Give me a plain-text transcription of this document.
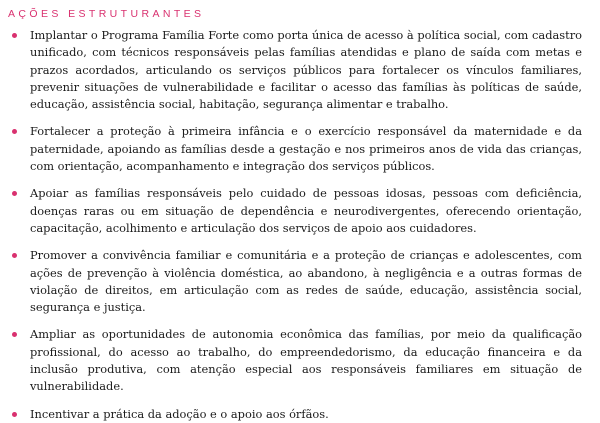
AÇÕES ESTRUTURANTES
Implantar o Programa Família Forte como porta única de acesso à política social, com cadastro unificado, com técnicos responsáveis pelas famílias atendidas e plano de saída com metas e prazos acordados, articulando os serviços públicos para fortalecer os vínculos familiares, prevenir situações de vulnerabilidade e facilitar o acesso das famílias às políticas de saúde, educação, assistência social, habitação, segurança alimentar e trabalho.
Fortalecer a proteção à primeira infância e o exercício responsável da maternidade e da paternidade, apoiando as famílias desde a gestação e nos primeiros anos de vida das crianças, com orientação, acompanhamento e integração dos serviços públicos.
Apoiar as famílias responsáveis pelo cuidado de pessoas idosas, pessoas com deficiência, doenças raras ou em situação de dependência e neurodivergentes, oferecendo orientação, capacitação, acolhimento e articulação dos serviços de apoio aos cuidadores.
Promover a convivência familiar e comunitária e a proteção de crianças e adolescentes, com ações de prevenção à violência doméstica, ao abandono, à negligência e a outras formas de violação de direitos, em articulação com as redes de saúde, educação, assistência social, segurança e justiça.
Ampliar as oportunidades de autonomia econômica das famílias, por meio da qualificação profissional, do acesso ao trabalho, do empreendedorismo, da educação financeira e da inclusão produtiva, com atenção especial aos responsáveis familiares em situação de vulnerabilidade.
Incentivar a prática da adoção e o apoio aos órfãos.
